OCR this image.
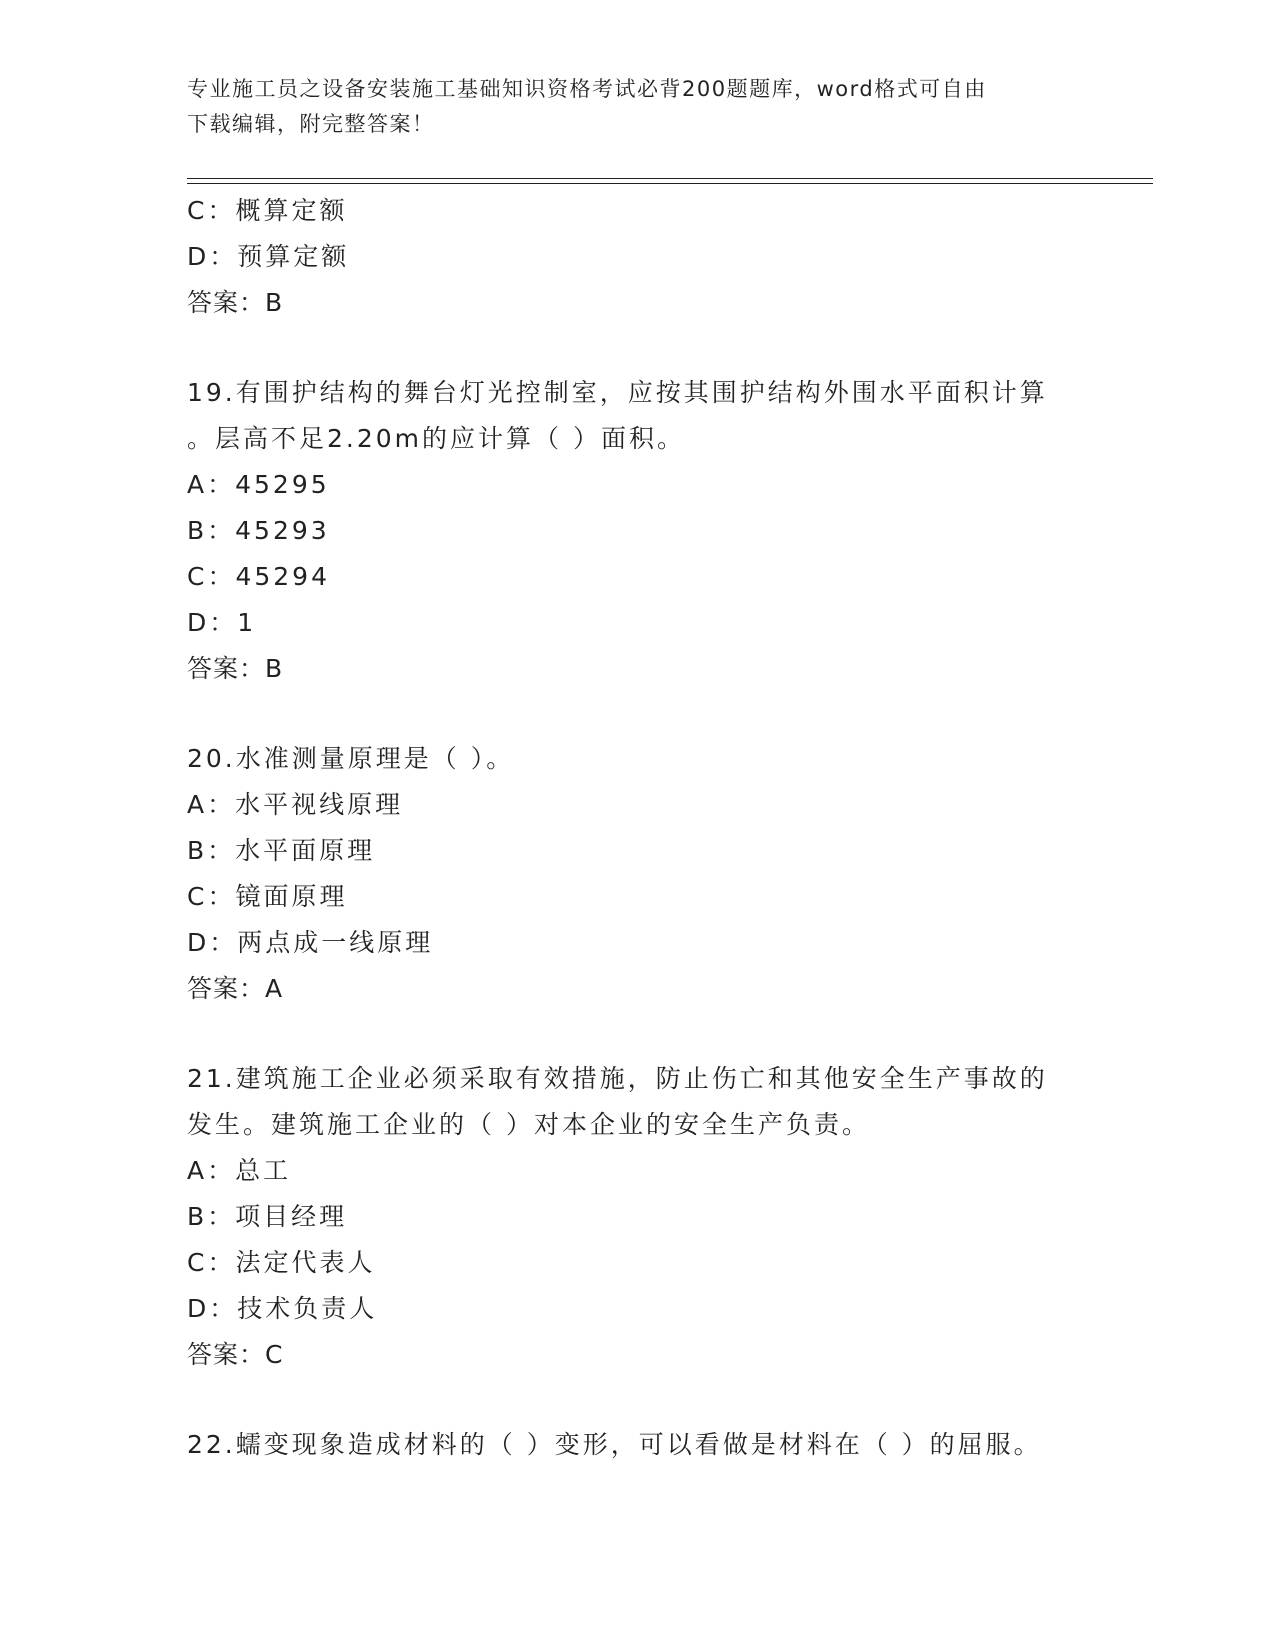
专业施工员之设备安装施工基础知识资格考试必背200题题库，word格式可自由
下载编辑，附完整答案！
C：概算定额
D：预算定额
答案：B
19.有围护结构的舞台灯光控制室，应按其围护结构外围水平面积计算
。层高不足2.20m的应计算（ ）面积。
A：45295
B：45293
C：45294
D：1
答案：B
20.水准测量原理是（ ）。
A：水平视线原理
B：水平面原理
C：镜面原理
D：两点成一线原理
答案：A
21.建筑施工企业必须采取有效措施，防止伤亡和其他安全生产事故的
发生。建筑施工企业的（ ）对本企业的安全生产负责。
A：总工
B：项目经理
C：法定代表人
D：技术负责人
答案：C
22.蠕变现象造成材料的（ ）变形，可以看做是材料在（ ）的屈服。
